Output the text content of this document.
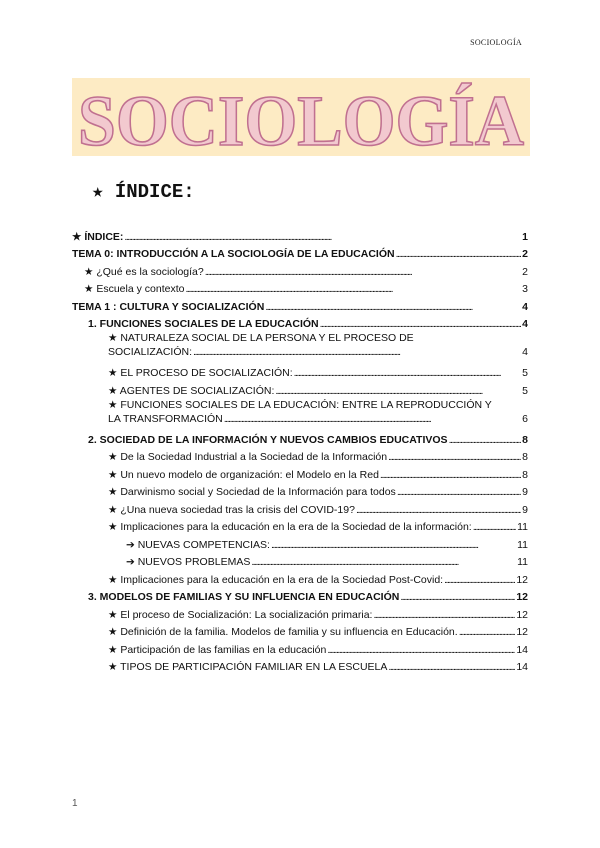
SOCIOLOGÍA
SOCIOLOGÍA
★ ÍNDICE:
★ ÍNDICE: . . .	1
TEMA 0: INTRODUCCIÓN A LA SOCIOLOGÍA DE LA EDUCACIÓN . . .	2
★ ¿Qué es la sociología? . . .	2
★ Escuela y contexto . . .	3
TEMA 1 : CULTURA Y SOCIALIZACIÓN . . .	4
1. FUNCIONES SOCIALES DE LA EDUCACIÓN . . .	4
★ NATURALEZA SOCIAL DE LA PERSONA Y EL PROCESO DE
SOCIALIZACIÓN: . . .	4
★ EL PROCESO DE SOCIALIZACIÓN: . . .	5
★ AGENTES DE SOCIALIZACIÓN: . . .	5
★ FUNCIONES SOCIALES DE LA EDUCACIÓN: ENTRE LA REPRODUCCIÓN Y
LA TRANSFORMACIÓN . . .	6
2. SOCIEDAD DE LA INFORMACIÓN Y NUEVOS CAMBIOS EDUCATIVOS . . .	8
★ De la Sociedad Industrial a la Sociedad de la Información . . .	8
★ Un nuevo modelo de organización: el Modelo en la Red . . .	8
★ Darwinismo social y Sociedad de la Información para todos . . .	9
★ ¿Una nueva sociedad tras la crisis del COVID-19? . . .	9
★ Implicaciones para la educación en la era de la Sociedad de la información: . . .	11
➔ NUEVAS COMPETENCIAS: . . .	11
➔ NUEVOS PROBLEMAS . . .	11
★ Implicaciones para la educación en la era de la Sociedad Post-Covid: . . .	12
3. MODELOS DE FAMILIAS Y SU INFLUENCIA EN EDUCACIÓN . . .	12
★ El proceso de Socialización: La socialización primaria: . . .	12
★ Definición de la familia. Modelos de familia y su influencia en Educación. . . .	12
★ Participación de las familias en la educación . . .	14
★ TIPOS DE PARTICIPACIÓN FAMILIAR EN LA ESCUELA . . .	14
1
